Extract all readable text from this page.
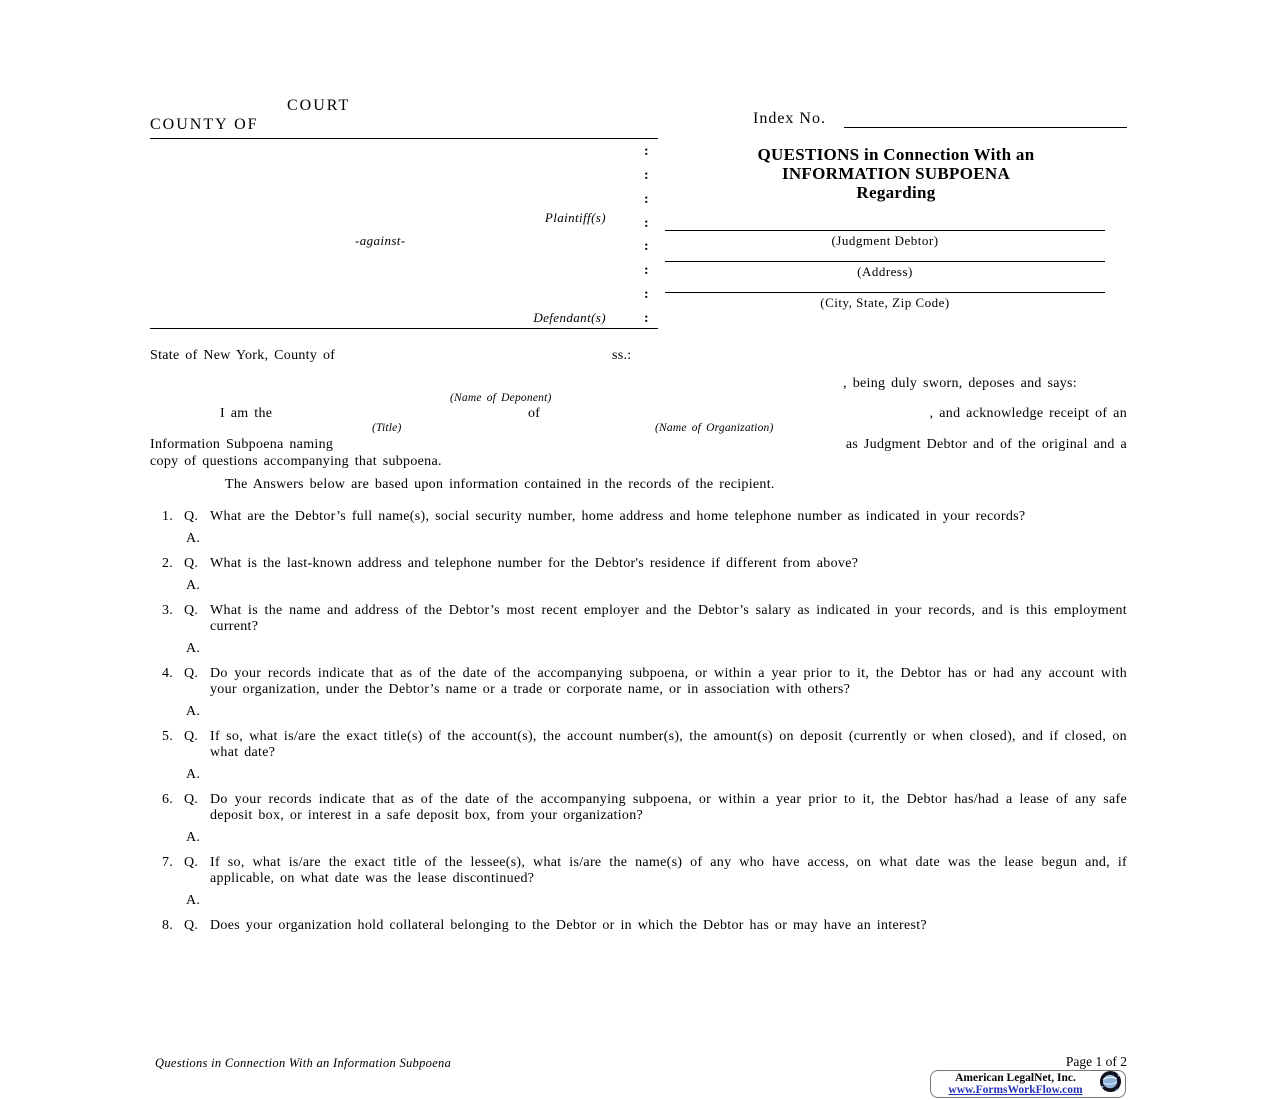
COURT
COUNTY OF
Plaintiff(s)
-against-
Defendant(s)
:
:
:
:
:
:
:
:
Index No.
QUESTIONS in Connection With an
INFORMATION SUBPOENA
Regarding
(Judgment Debtor)
(Address)
(City, State, Zip Code)
State of New York, County of	ss.:
, being duly sworn, deposes and says:
(Name of Deponent)
I am the	of	, and acknowledge receipt of an
(Title)	(Name of Organization)
Information Subpoena naming	as Judgment Debtor and of the original and a
copy of questions accompanying that subpoena.
The Answers below are based upon information contained in the records of the recipient.
1. Q. What are the Debtor’s full name(s), social security number, home address and home telephone number as indicated in your records?
A.
2. Q. What is the last-known address and telephone number for the Debtor's residence if different from above?
A.
3. Q. What is the name and address of the Debtor’s most recent employer and the Debtor’s salary as indicated in your records, and is this employment current?
A.
4. Q. Do your records indicate that as of the date of the accompanying subpoena, or within a year prior to it, the Debtor has or had any account with your organization, under the Debtor’s name or a trade or corporate name, or in association with others?
A.
5. Q. If so, what is/are the exact title(s) of the account(s), the account number(s), the amount(s) on deposit (currently or when closed), and if closed, on what date?
A.
6. Q. Do your records indicate that as of the date of the accompanying subpoena, or within a year prior to it, the Debtor has/had a lease of any safe deposit box, or interest in a safe deposit box, from your organization?
A.
7. Q. If so, what is/are the exact title of the lessee(s), what is/are the name(s) of any who have access, on what date was the lease begun and, if applicable, on what date was the lease discontinued?
A.
8. Q. Does your organization hold collateral belonging to the Debtor or in which the Debtor has or may have an interest?
Questions in Connection With an Information Subpoena	Page 1 of 2
American LegalNet, Inc.
www.FormsWorkFlow.com
